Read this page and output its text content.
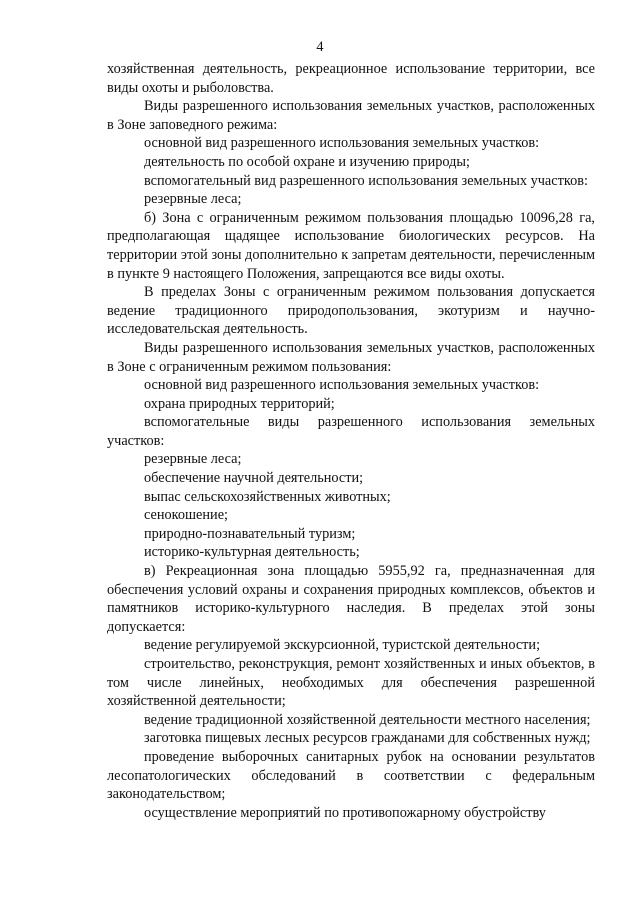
4

хозяйственная деятельность, рекреационное использование территории, все виды охоты и рыболовства.

Виды разрешенного использования земельных участков, расположенных в Зоне заповедного режима:

основной вид разрешенного использования земельных участков:

деятельность по особой охране и изучению природы;

вспомогательный вид разрешенного использования земельных участков:

резервные леса;

б) Зона с ограниченным режимом пользования площадью 10096,28 га, предполагающая щадящее использование биологических ресурсов. На территории этой зоны дополнительно к запретам деятельности, перечисленным в пункте 9 настоящего Положения, запрещаются все виды охоты.

В пределах Зоны с ограниченным режимом пользования допускается ведение традиционного природопользования, экотуризм и научно-исследовательская деятельность.

Виды разрешенного использования земельных участков, расположенных в Зоне с ограниченным режимом пользования:

основной вид разрешенного использования земельных участков:

охрана природных территорий;

вспомогательные виды разрешенного использования земельных участков:

резервные леса;

обеспечение научной деятельности;

выпас сельскохозяйственных животных;

сенокошение;

природно-познавательный туризм;

историко-культурная деятельность;

в) Рекреационная зона площадью 5955,92 га, предназначенная для обеспечения условий охраны и сохранения природных комплексов, объектов и памятников историко-культурного наследия. В пределах этой зоны допускается:

ведение регулируемой экскурсионной, туристской деятельности;

строительство, реконструкция, ремонт хозяйственных и иных объектов, в том числе линейных, необходимых для обеспечения разрешенной хозяйственной деятельности;

ведение традиционной хозяйственной деятельности местного населения;

заготовка пищевых лесных ресурсов гражданами для собственных нужд;

проведение выборочных санитарных рубок на основании результатов лесопатологических обследований в соответствии с федеральным законодательством;

осуществление мероприятий по противопожарному обустройству
